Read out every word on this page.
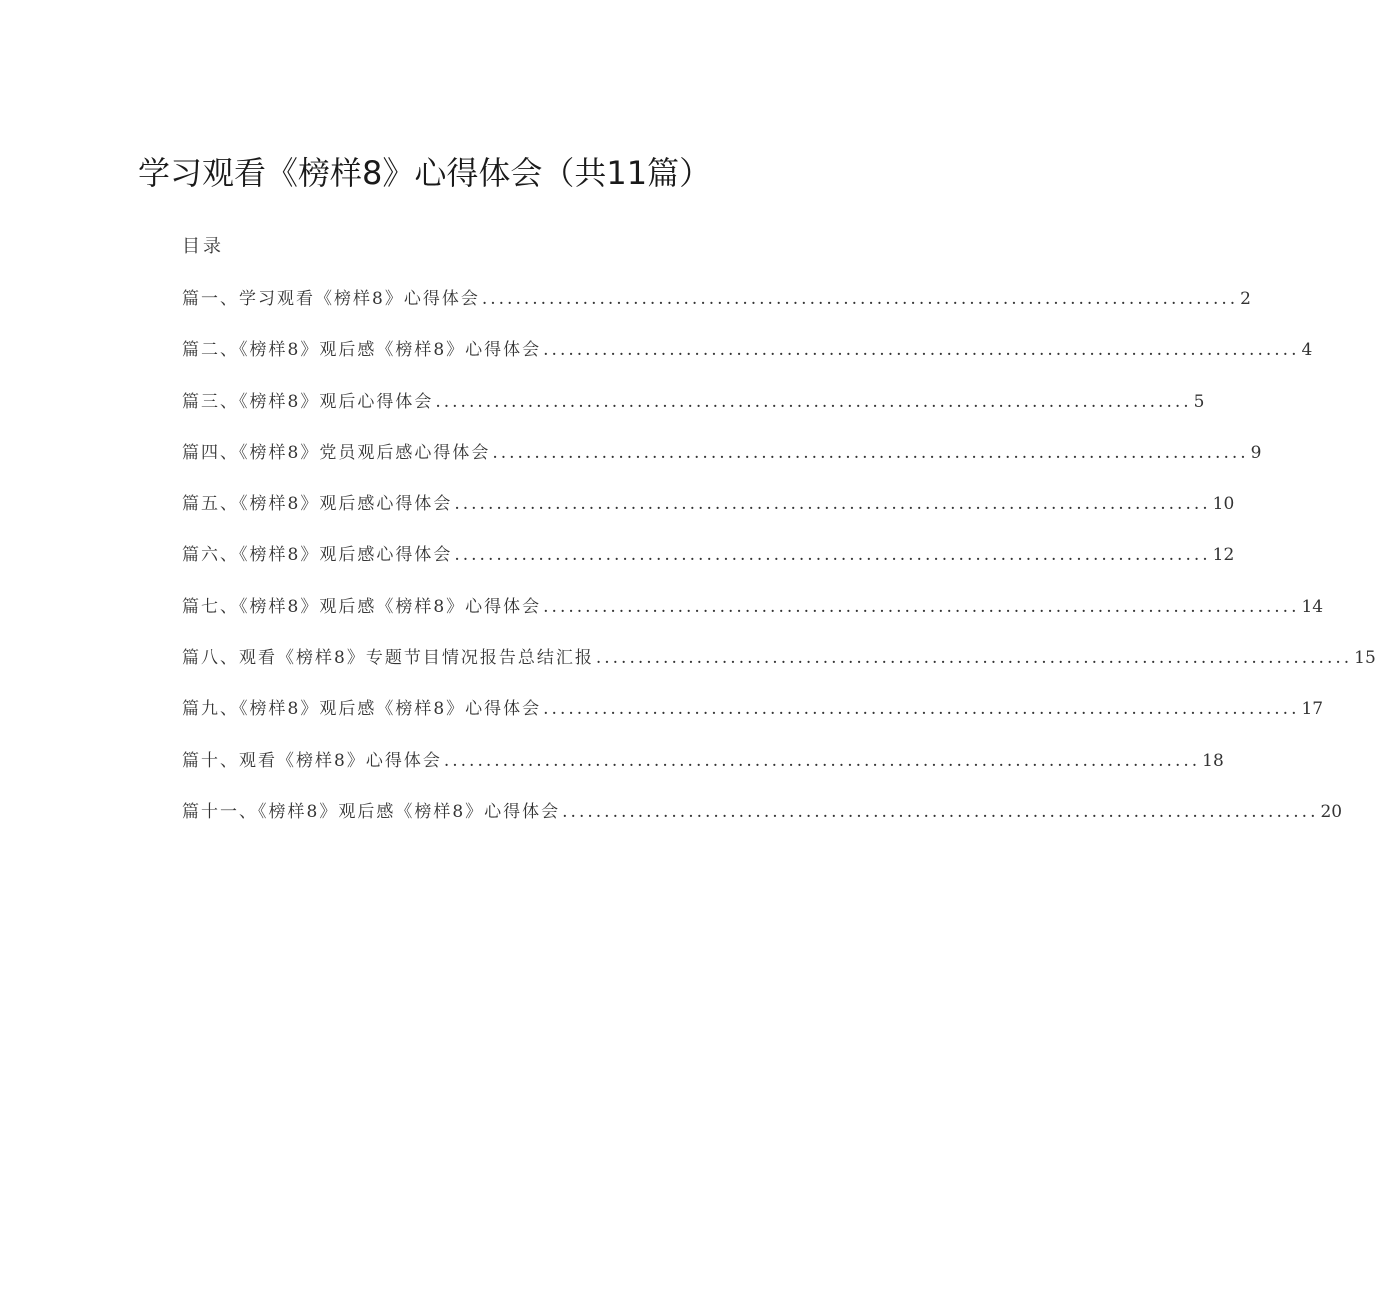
学习观看《榜样8》心得体会（共11篇）
目录
篇一、学习观看《榜样8》心得体会 .......................................................................................... 2
篇二、《榜样8》观后感《榜样8》心得体会 .......................................................................................... 4
篇三、《榜样8》观后心得体会 .......................................................................................... 5
篇四、《榜样8》党员观后感心得体会 .......................................................................................... 9
篇五、《榜样8》观后感心得体会 .......................................................................................... 10
篇六、《榜样8》观后感心得体会 .......................................................................................... 12
篇七、《榜样8》观后感《榜样8》心得体会 .......................................................................................... 14
篇八、观看《榜样8》专题节目情况报告总结汇报 .......................................................................................... 15
篇九、《榜样8》观后感《榜样8》心得体会 .......................................................................................... 17
篇十、观看《榜样8》心得体会 .......................................................................................... 18
篇十一、《榜样8》观后感《榜样8》心得体会 .......................................................................................... 20
